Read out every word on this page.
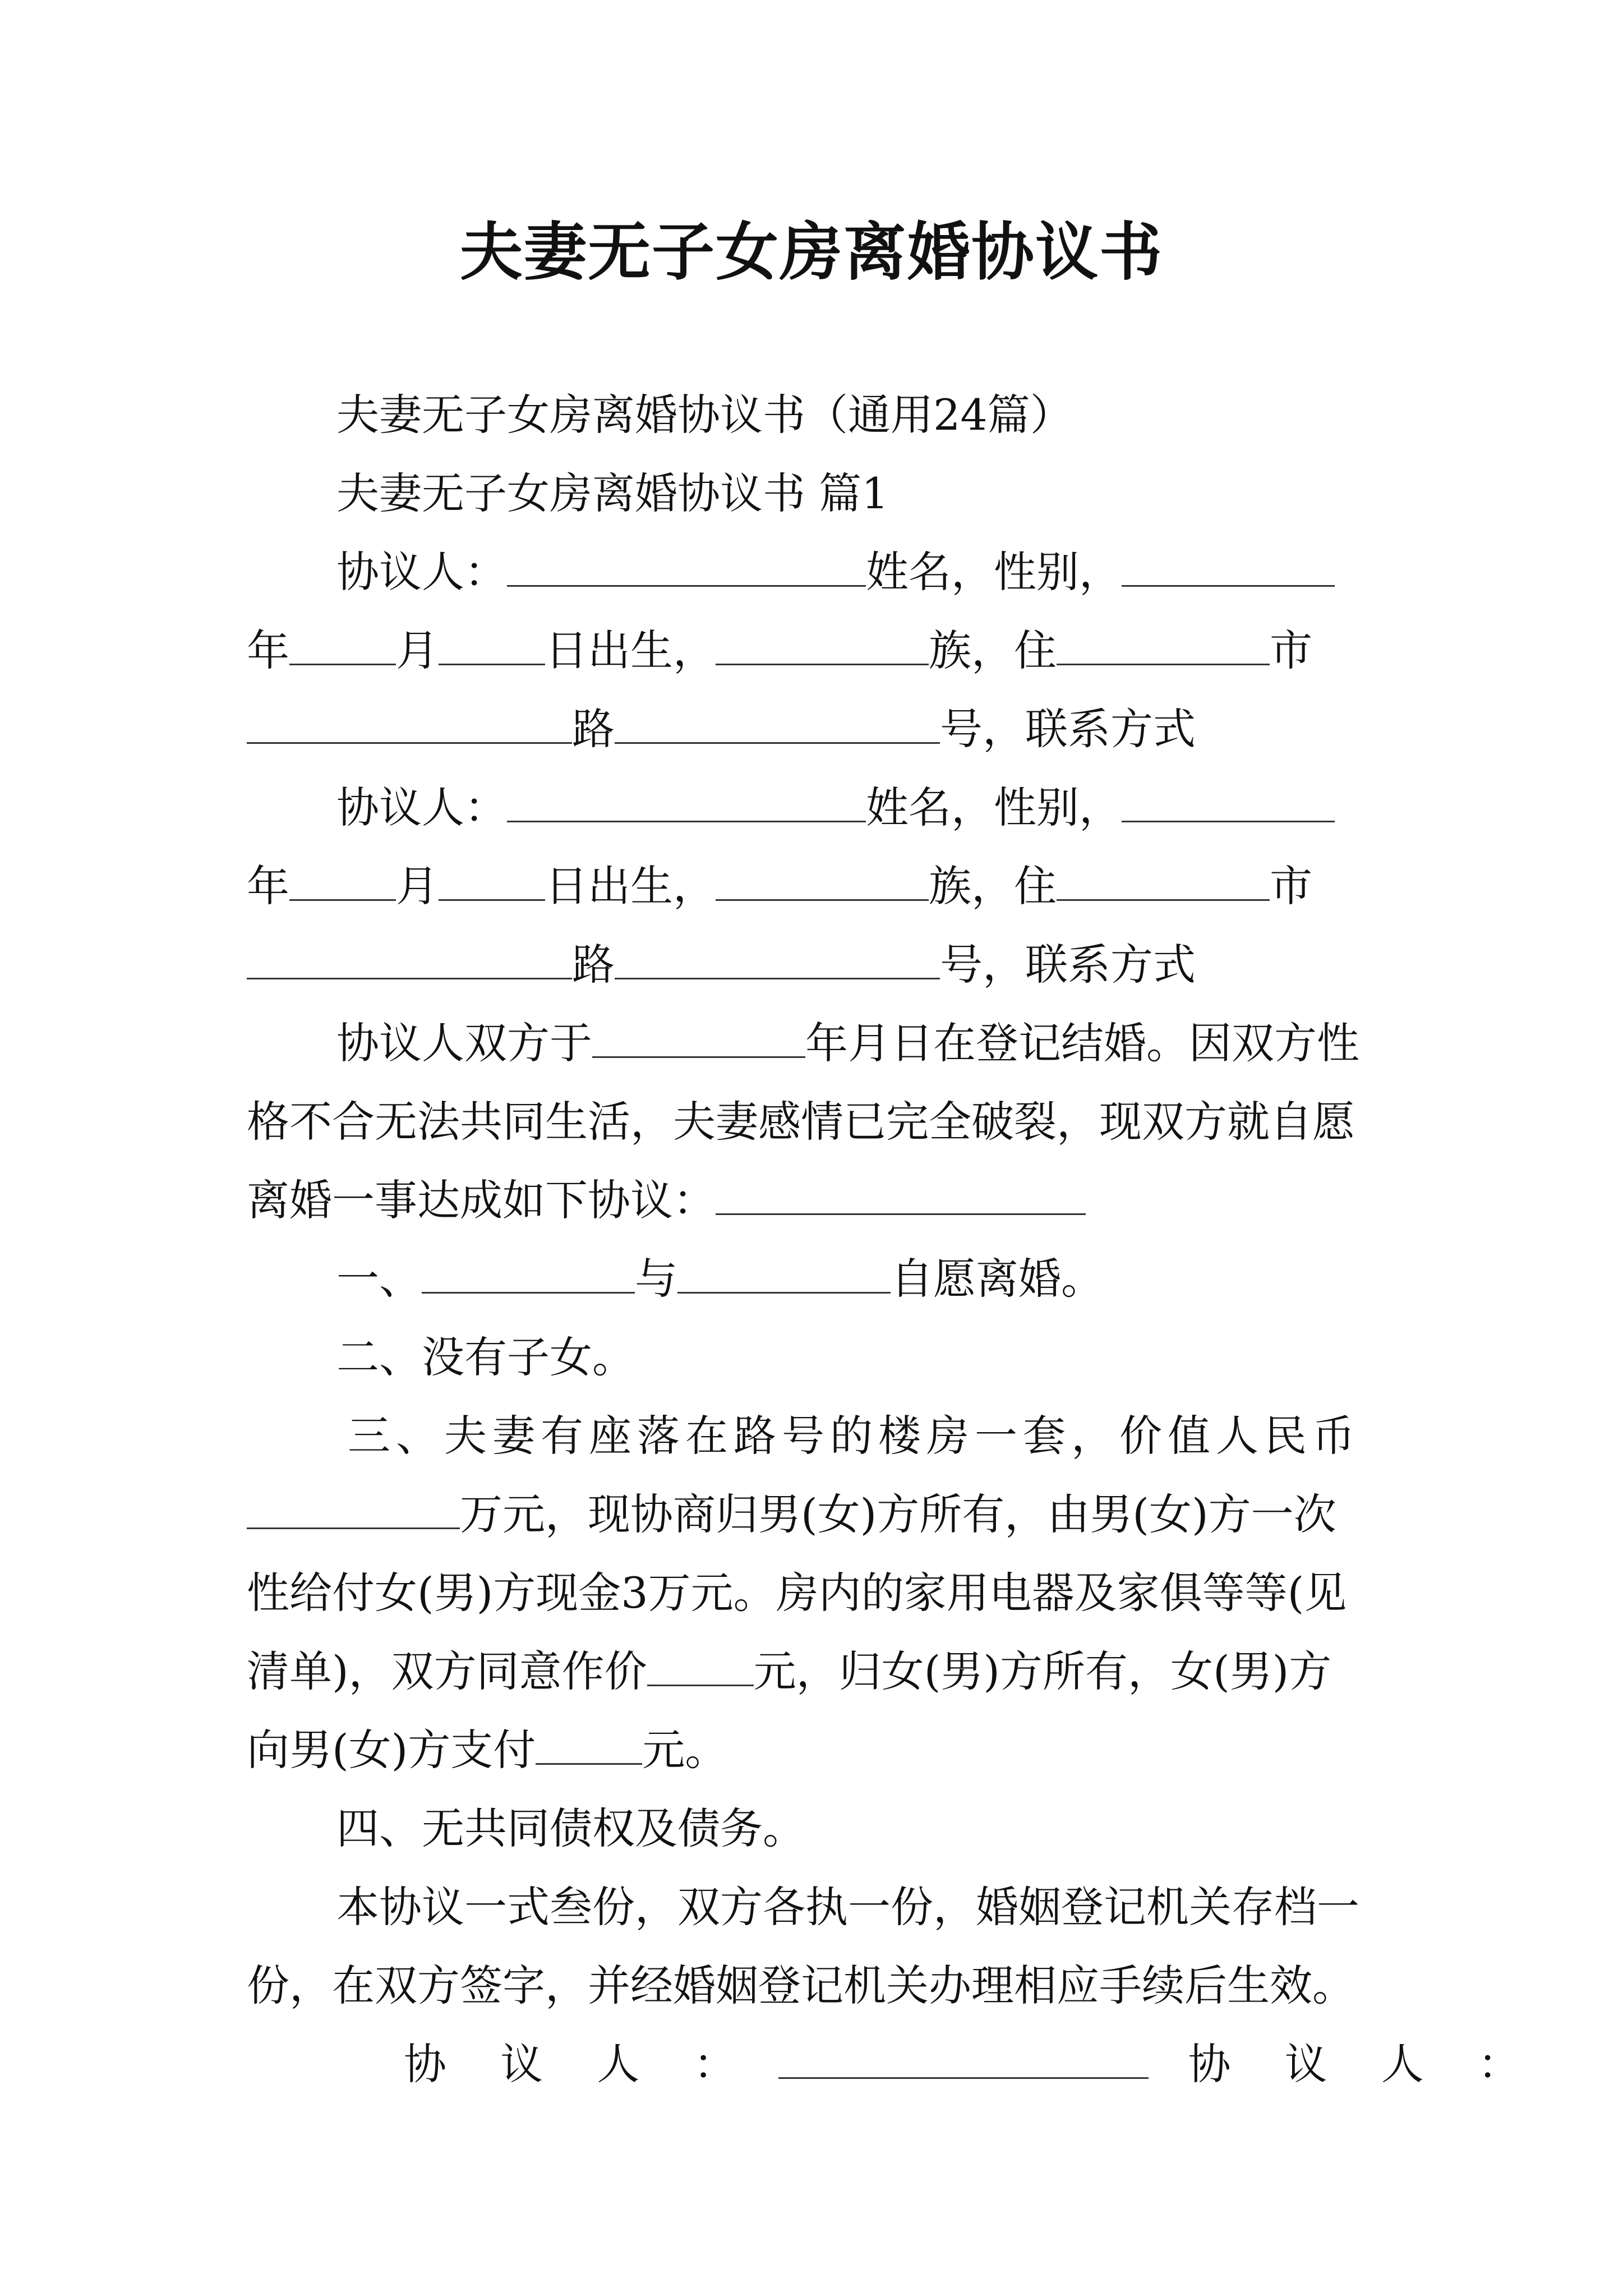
夫妻无子女房离婚协议书
夫妻无子女房离婚协议书（通用24篇）
夫妻无子女房离婚协议书 篇1
协议人：	姓名，性别，
年	月	日出生，	族，住	市
路	号，联系方式
协议人：	姓名，性别，
年	月	日出生，	族，住	市
路	号，联系方式
协议人双方于	年月日在登记结婚。因双方性
格不合无法共同生活，夫妻感情已完全破裂，现双方就自愿
离婚一事达成如下协议：
一、	与	自愿离婚。
二、没有子女。
三、夫妻有座落在路号的楼房一套，价值人民币
万元，现协商归男(女)方所有，由男(女)方一次
性给付女(男)方现金3万元。房内的家用电器及家俱等等(见
清单)，双方同意作价	元，归女(男)方所有，女(男)方
向男(女)方支付	元。
四、无共同债权及债务。
本协议一式叁份，双方各执一份，婚姻登记机关存档一
份，在双方签字，并经婚姻登记机关办理相应手续后生效。
协 议 人 ：	协 议 人 ：
